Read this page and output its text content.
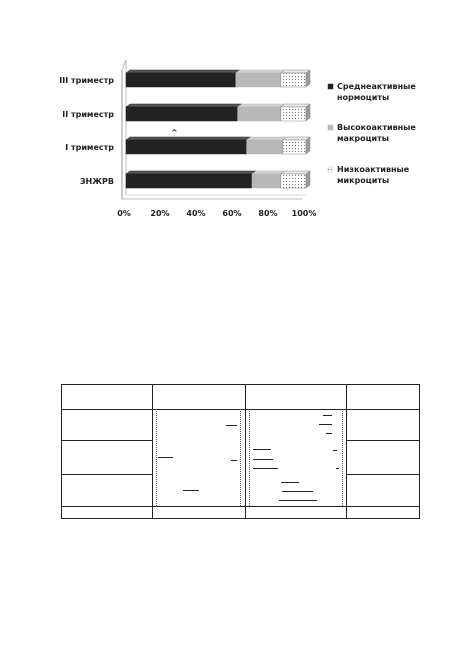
III триместр
II триместр
I триместр
ЗНЖРВ
0% 20% 40% 60% 80% 100%
Среднеактивные
нормоциты
Высокоактивные
макроциты
Низкоактивные
микроциты
^
